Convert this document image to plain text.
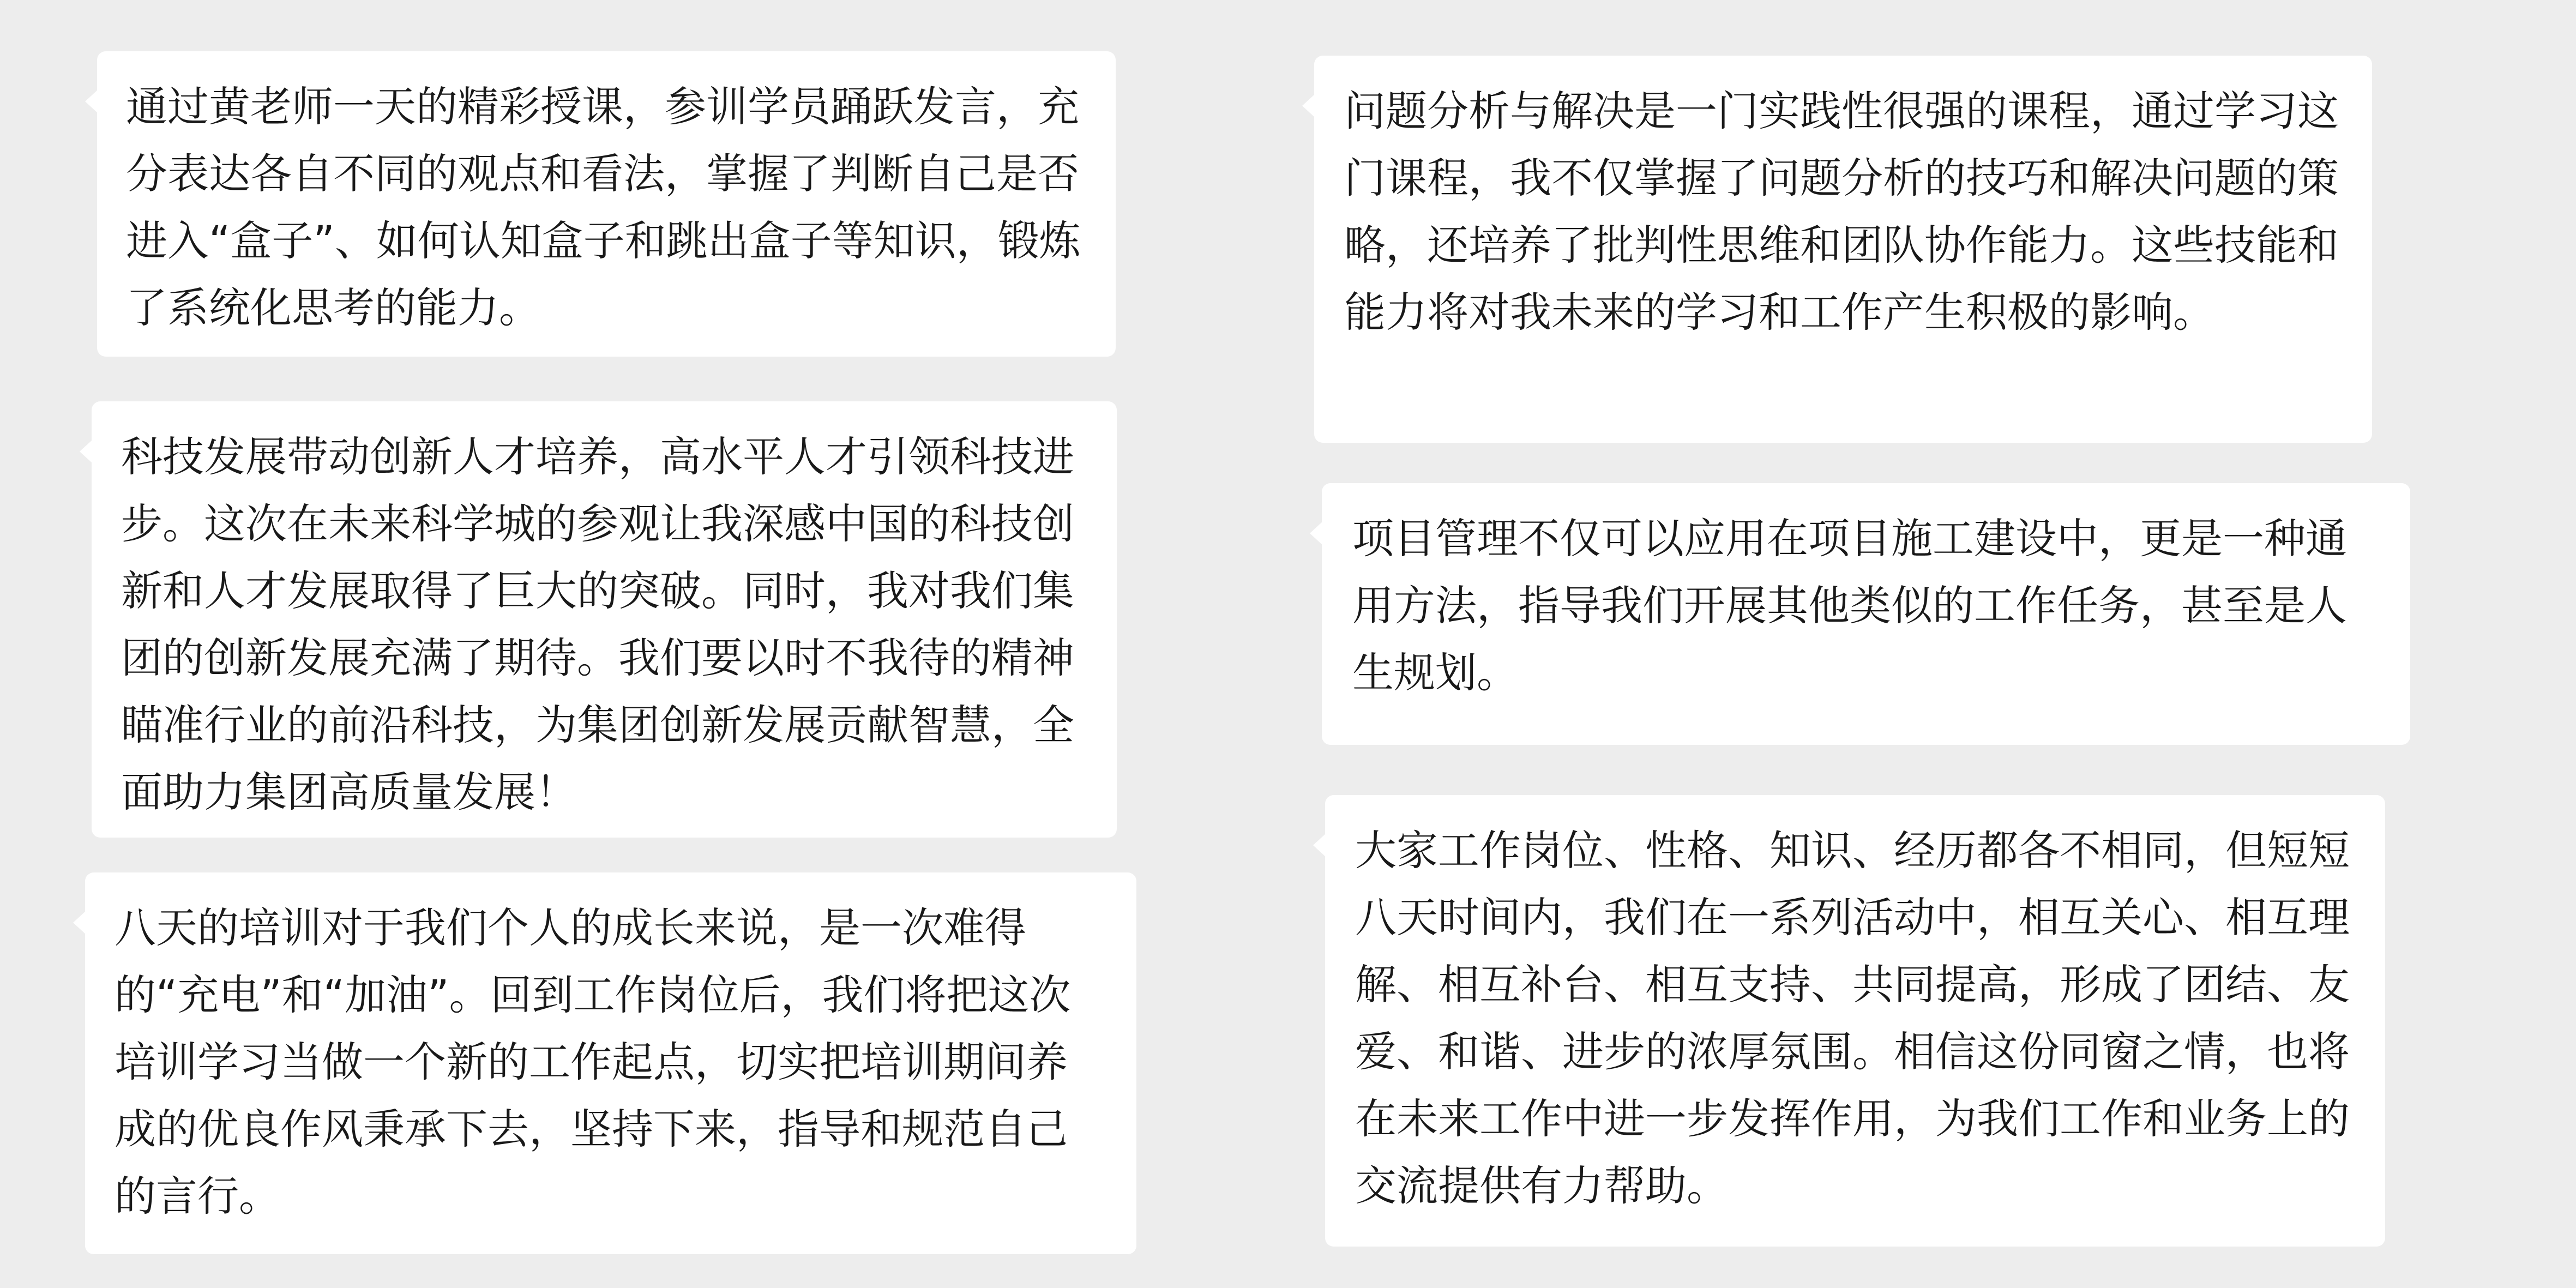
通过黄老师一天的精彩授课，参训学员踊跃发言，充分表达各自不同的观点和看法，掌握了判断自己是否进入“盒子”、如何认知盒子和跳出盒子等知识，锻炼了系统化思考的能力。

科技发展带动创新人才培养，高水平人才引领科技进步。这次在未来科学城的参观让我深感中国的科技创新和人才发展取得了巨大的突破。同时，我对我们集团的创新发展充满了期待。我们要以时不我待的精神瞄准行业的前沿科技，为集团创新发展贡献智慧，全面助力集团高质量发展！

八天的培训对于我们个人的成长来说，是一次难得的“充电”和“加油”。回到工作岗位后，我们将把这次培训学习当做一个新的工作起点，切实把培训期间养成的优良作风秉承下去，坚持下来，指导和规范自己的言行。

问题分析与解决是一门实践性很强的课程，通过学习这门课程，我不仅掌握了问题分析的技巧和解决问题的策略，还培养了批判性思维和团队协作能力。这些技能和能力将对我未来的学习和工作产生积极的影响。

项目管理不仅可以应用在项目施工建设中，更是一种通用方法，指导我们开展其他类似的工作任务，甚至是人生规划。

大家工作岗位、性格、知识、经历都各不相同，但短短八天时间内，我们在一系列活动中，相互关心、相互理解、相互补台、相互支持、共同提高，形成了团结、友爱、和谐、进步的浓厚氛围。相信这份同窗之情，也将在未来工作中进一步发挥作用，为我们工作和业务上的交流提供有力帮助。
